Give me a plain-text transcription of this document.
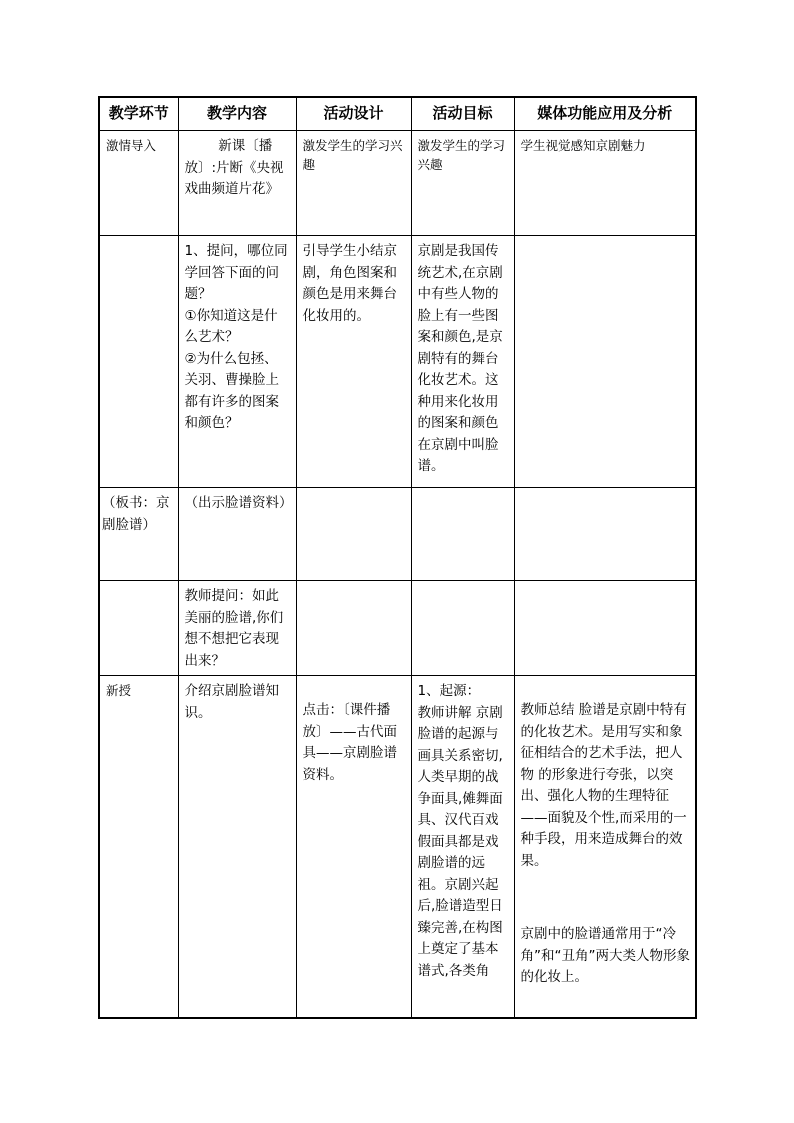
教学环节	教学内容	活动设计	活动目标	媒体功能应用及分析

激情导入	新课〔播放〕:片断《央视戏曲频道片花》	激发学生的学习兴趣	激发学生的学习兴趣	学生视觉感知京剧魅力

	1、提问，哪位同学回答下面的问题？
①你知道这是什么艺术？
②为什么包拯、关羽、曹操脸上都有许多的图案和颜色？	引导学生小结京剧，角色图案和颜色是用来舞台化妆用的。	京剧是我国传统艺术,在京剧中有些人物的脸上有一些图案和颜色,是京剧特有的舞台化妆艺术。这种用来化妆用的图案和颜色在京剧中叫脸谱。	

（板书：京剧脸谱）	（出示脸谱资料）			

	教师提问：如此美丽的脸谱,你们想不想把它表现出来？			

新授	介绍京剧脸谱知识。	点击：〔课件播放〕——古代面具——京剧脸谱资料。	1、起源：
教师讲解 京剧脸谱的起源与画具关系密切,人类早期的战争面具,傩舞面具、汉代百戏假面具都是戏剧脸谱的远祖。京剧兴起后,脸谱造型日臻完善,在构图上奠定了基本谱式,各类角	教师总结 脸谱是京剧中特有的化妆艺术。是用写实和象征相结合的艺术手法，把人物 的形象进行夸张，以突出、强化人物的生理特征——面貌及个性,而采用的一种手段，用来造成舞台的效果。
京剧中的脸谱通常用于“冷角”和“丑角”两大类人物形象的化妆上。
